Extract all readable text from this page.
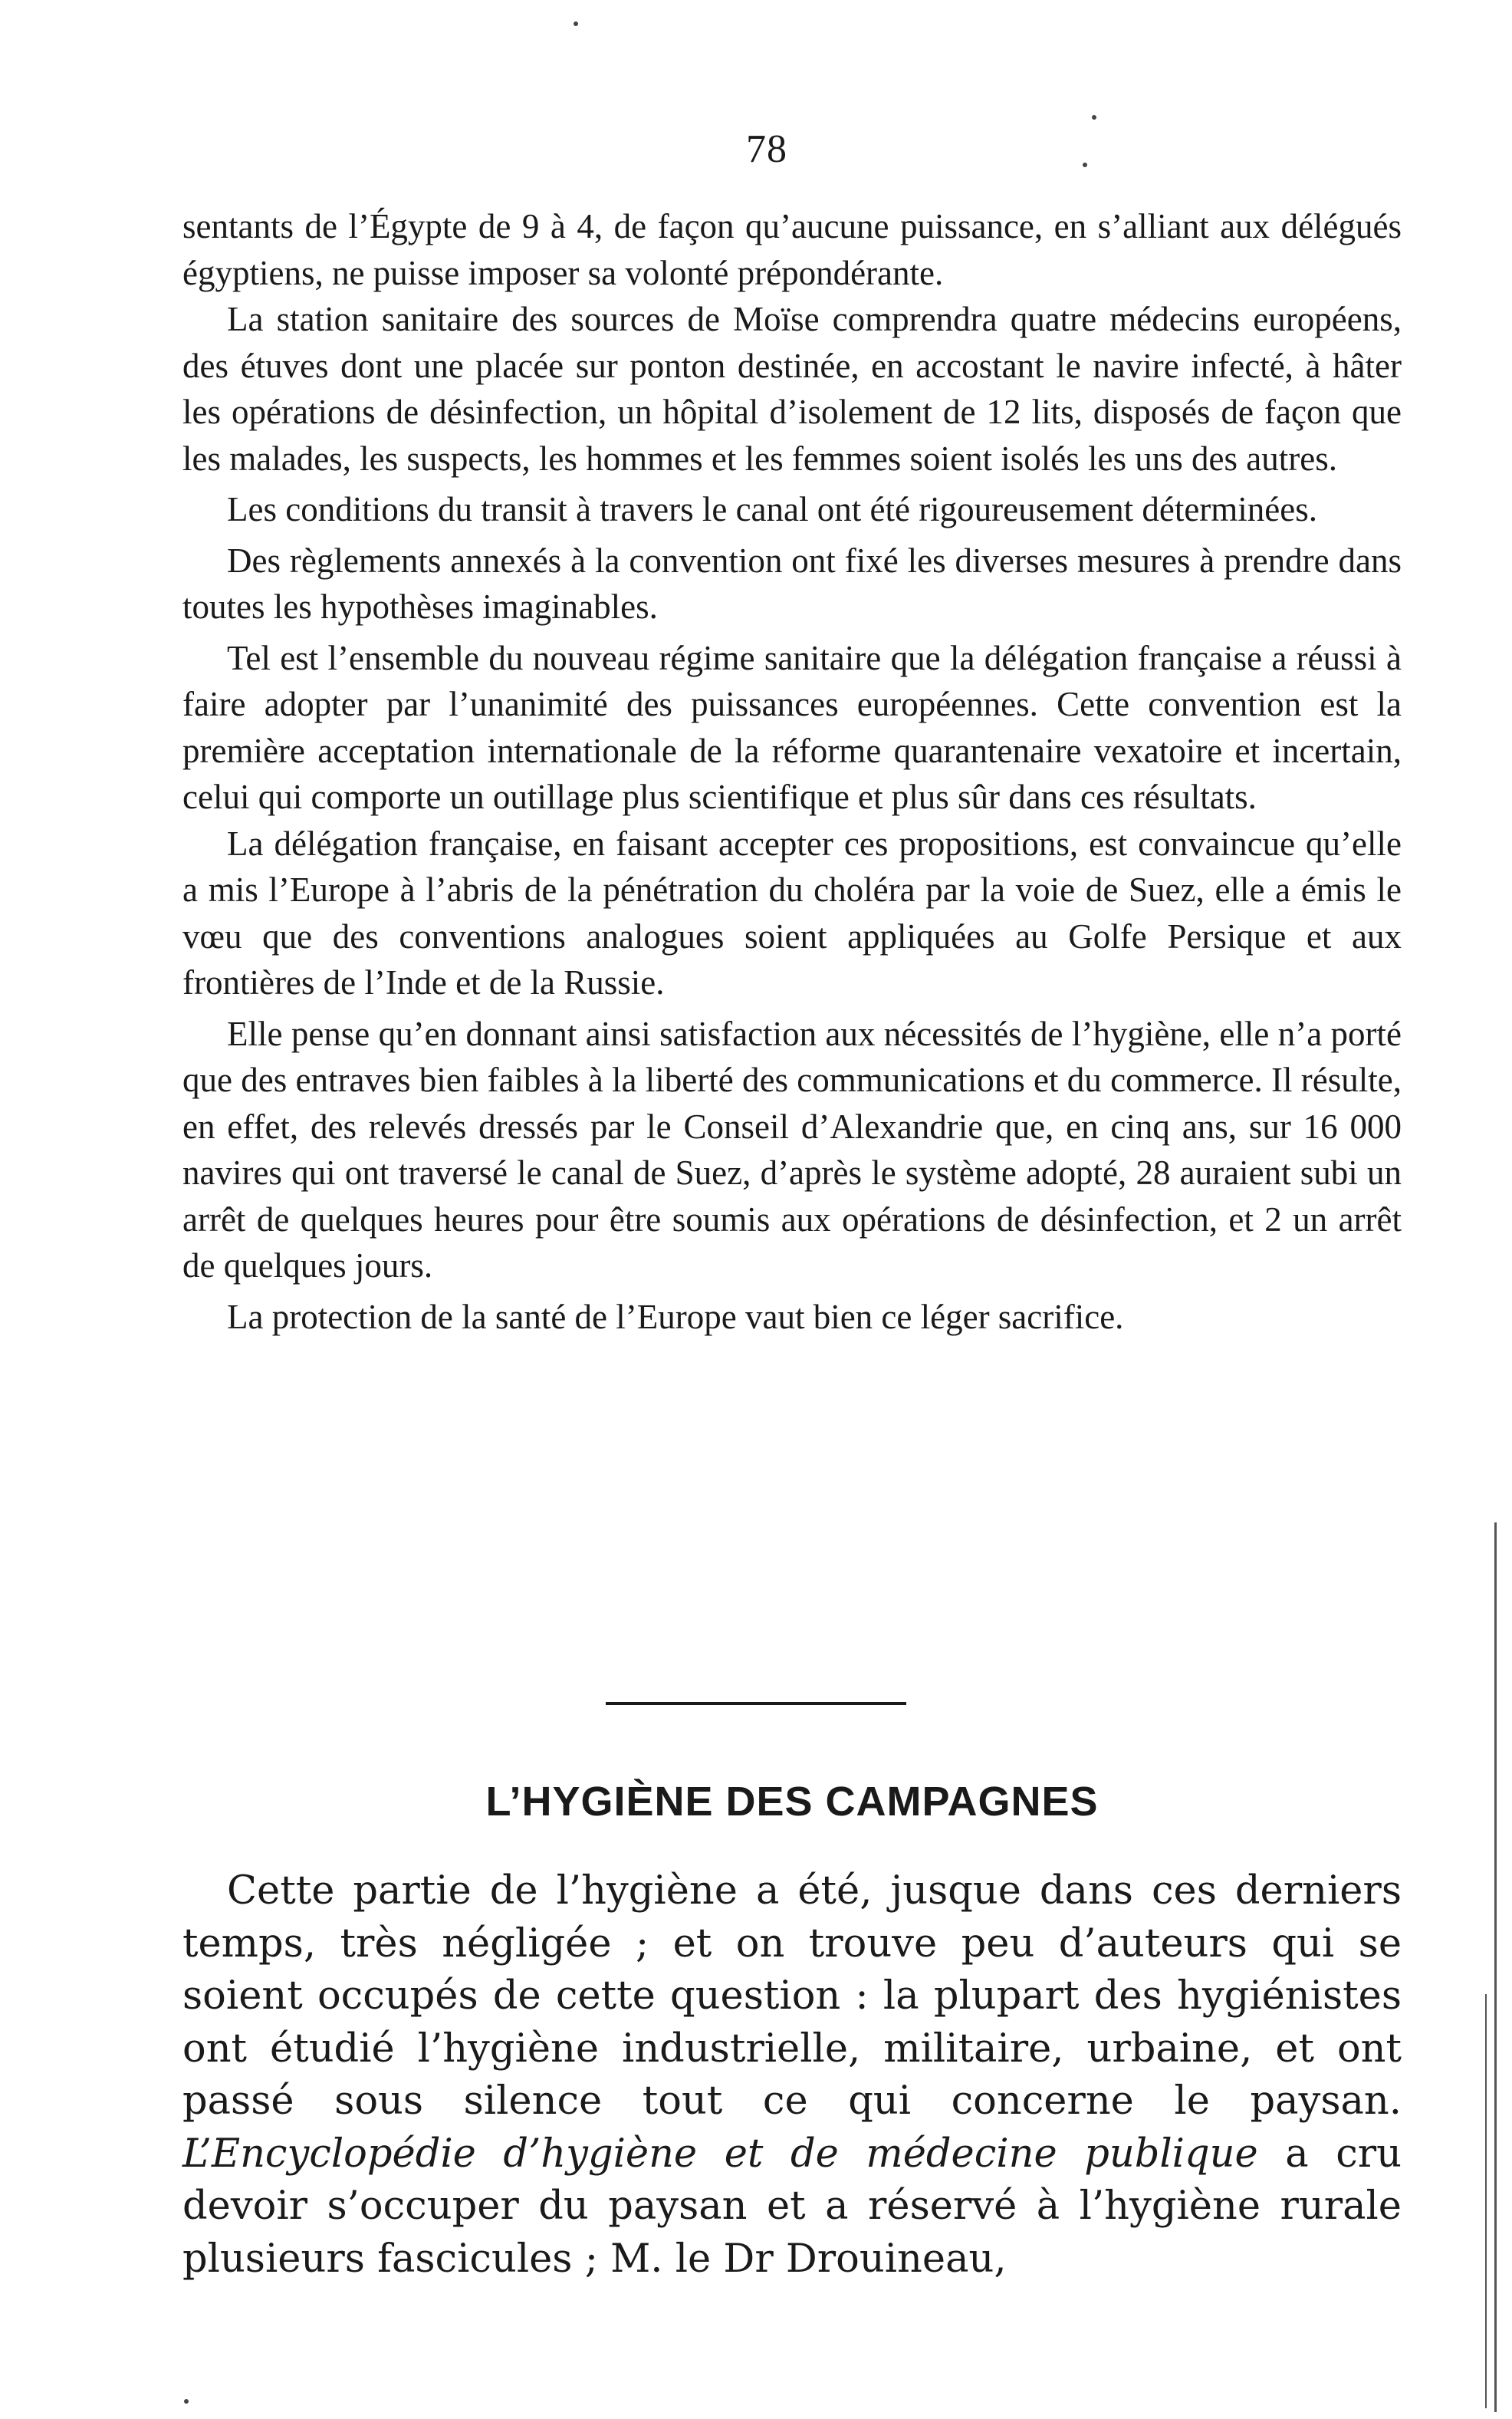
78

sentants de l’Égypte de 9 à 4, de façon qu’aucune puissance, en s’alliant aux délégués égyptiens, ne puisse imposer sa volonté prépondérante.

La station sanitaire des sources de Moïse comprendra quatre médecins européens, des étuves dont une placée sur ponton destinée, en accostant le navire infecté, à hâter les opérations de désinfection, un hôpital d’isolement de 12 lits, disposés de façon que les malades, les suspects, les hommes et les femmes soient isolés les uns des autres.

Les conditions du transit à travers le canal ont été rigoureusement déterminées.

Des règlements annexés à la convention ont fixé les diverses mesures à prendre dans toutes les hypothèses imaginables.

Tel est l’ensemble du nouveau régime sanitaire que la délégation française a réussi à faire adopter par l’unanimité des puissances européennes. Cette convention est la première acceptation internationale de la réforme quarantenaire vexatoire et incertain, celui qui comporte un outillage plus scientifique et plus sûr dans ces résultats.

La délégation française, en faisant accepter ces propositions, est convaincue qu’elle a mis l’Europe à l’abris de la pénétration du choléra par la voie de Suez, elle a émis le vœu que des conventions analogues soient appliquées au Golfe Persique et aux frontières de l’Inde et de la Russie.

Elle pense qu’en donnant ainsi satisfaction aux nécessités de l’hygiène, elle n’a porté que des entraves bien faibles à la liberté des communications et du commerce. Il résulte, en effet, des relevés dressés par le Conseil d’Alexandrie que, en cinq ans, sur 16 000 navires qui ont traversé le canal de Suez, d’après le système adopté, 28 auraient subi un arrêt de quelques heures pour être soumis aux opérations de désinfection, et 2 un arrêt de quelques jours.

La protection de la santé de l’Europe vaut bien ce léger sacrifice.

L’HYGIÈNE DES CAMPAGNES

Cette partie de l’hygiène a été, jusque dans ces derniers temps, très négligée ; et on trouve peu d’auteurs qui se soient occupés de cette question : la plupart des hygiénistes ont étudié l’hygiène industrielle, militaire, urbaine, et ont passé sous silence tout ce qui concerne le paysan. L’Encyclopédie d’hygiène et de médecine publique a cru devoir s’occuper du paysan et a réservé à l’hygiène rurale plusieurs fascicules ; M. le Dr Drouineau,
